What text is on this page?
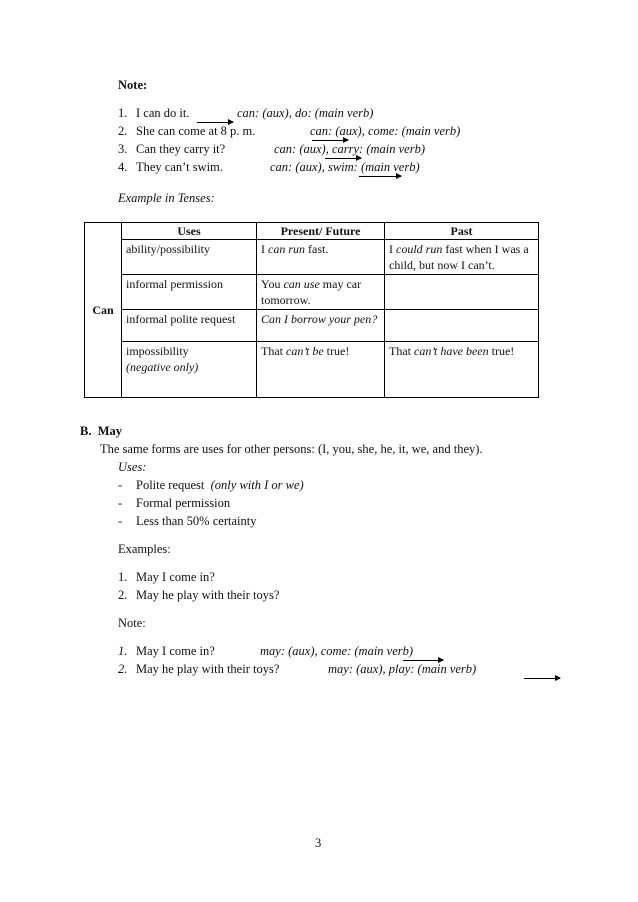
Note:
1. I can do it.
	can: (aux), do: (main verb)
2. She can come at 8 p. m.
	can: (aux), come: (main verb)
3. Can they carry it?
	can: (aux), carry: (main verb)
4. They can’t swim.
	can: (aux), swim: (main verb)
Example in Tenses:
Can	Uses	Present/ Future	Past
	ability/possibility	I can run fast.	I could run fast when I was a child, but now I can’t.
	informal permission	You can use may car tomorrow.	
	informal polite request	Can I borrow your pen?	
	impossibility
(negative only)	That can’t be true!	That can’t have been true!
B. May
The same forms are uses for other persons: (I, you, she, he, it, we, and they).
Uses:
- Polite request (only with I or we)
- Formal permission
- Less than 50% certainty
Examples:
1. May I come in?
2. May he play with their toys?
Note:
1. May I come in?
	may: (aux), come: (main verb)
2. May he play with their toys?	may: (aux), play: (main verb)
3
